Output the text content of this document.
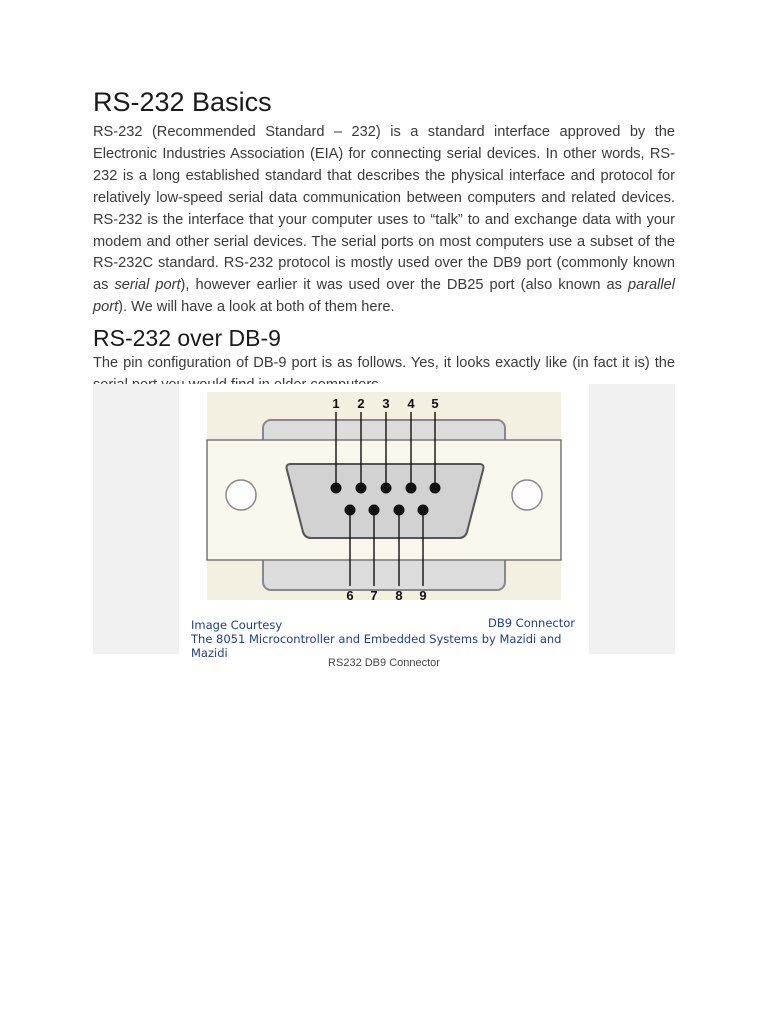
RS-232 Basics

RS-232 (Recommended Standard – 232) is a standard interface approved by the Electronic Industries Association (EIA) for connecting serial devices. In other words, RS-232 is a long established standard that describes the physical interface and protocol for relatively low-speed serial data communication between computers and related devices. RS-232 is the interface that your computer uses to “talk” to and exchange data with your modem and other serial devices. The serial ports on most computers use a subset of the RS-232C standard. RS-232 protocol is mostly used over the DB9 port (commonly known as serial port), however earlier it was used over the DB25 port (also known as parallel port). We will have a look at both of them here.

RS-232 over DB-9

The pin configuration of DB-9 port is as follows. Yes, it looks exactly like (in fact it is) the

1 2 3 4 5
6 7 8 9
Image Courtesy	DB9 Connector
The 8051 Microcontroller and Embedded Systems by Mazidi and Mazidi
RS232 DB9 Connector
